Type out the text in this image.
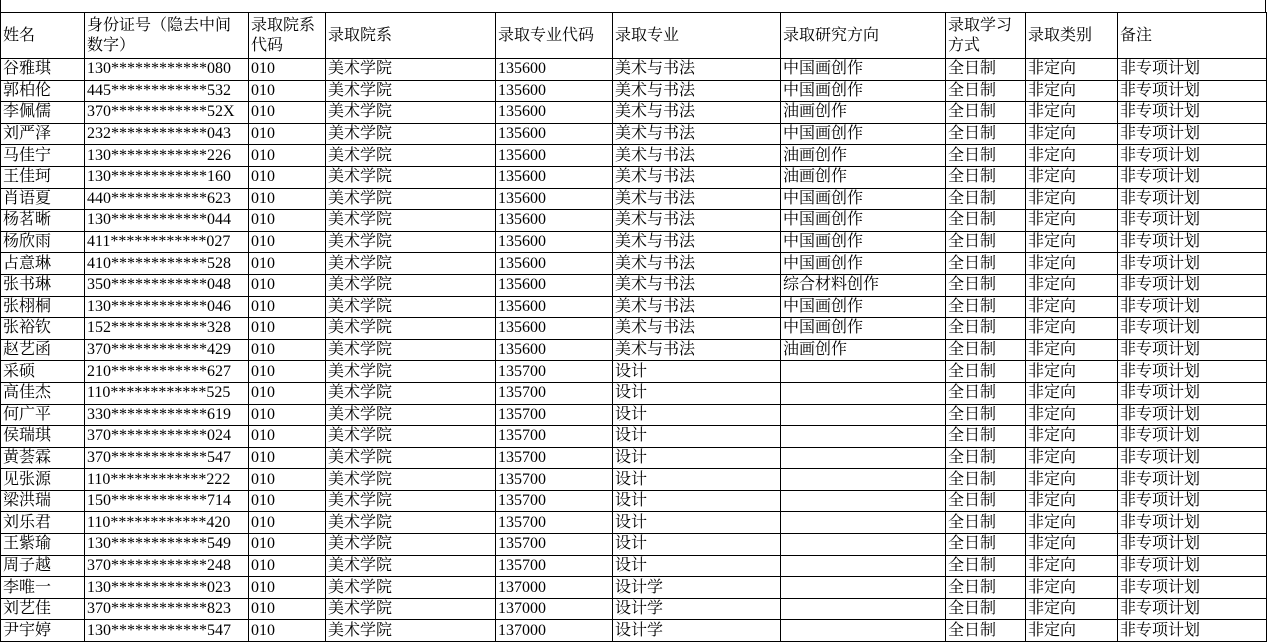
姓名	身份证号（隐去中间数字）	录取院系代码	录取院系	录取专业代码	录取专业	录取研究方向	录取学习方式	录取类别	备注
谷雅琪	130************080	010	美术学院	135600	美术与书法	中国画创作	全日制	非定向	非专项计划
郭柏伦	445************532	010	美术学院	135600	美术与书法	中国画创作	全日制	非定向	非专项计划
李佩儒	370************52X	010	美术学院	135600	美术与书法	油画创作	全日制	非定向	非专项计划
刘严泽	232************043	010	美术学院	135600	美术与书法	中国画创作	全日制	非定向	非专项计划
马佳宁	130************226	010	美术学院	135600	美术与书法	油画创作	全日制	非定向	非专项计划
王佳珂	130************160	010	美术学院	135600	美术与书法	油画创作	全日制	非定向	非专项计划
肖语夏	440************623	010	美术学院	135600	美术与书法	中国画创作	全日制	非定向	非专项计划
杨茗晰	130************044	010	美术学院	135600	美术与书法	中国画创作	全日制	非定向	非专项计划
杨欣雨	411************027	010	美术学院	135600	美术与书法	中国画创作	全日制	非定向	非专项计划
占意琳	410************528	010	美术学院	135600	美术与书法	中国画创作	全日制	非定向	非专项计划
张书琳	350************048	010	美术学院	135600	美术与书法	综合材料创作	全日制	非定向	非专项计划
张栩桐	130************046	010	美术学院	135600	美术与书法	中国画创作	全日制	非定向	非专项计划
张裕钦	152************328	010	美术学院	135600	美术与书法	中国画创作	全日制	非定向	非专项计划
赵艺函	370************429	010	美术学院	135600	美术与书法	油画创作	全日制	非定向	非专项计划
采硕	210************627	010	美术学院	135700	设计		全日制	非定向	非专项计划
高佳杰	110************525	010	美术学院	135700	设计		全日制	非定向	非专项计划
何广平	330************619	010	美术学院	135700	设计		全日制	非定向	非专项计划
侯瑞琪	370************024	010	美术学院	135700	设计		全日制	非定向	非专项计划
黄荟霖	370************547	010	美术学院	135700	设计		全日制	非定向	非专项计划
见张源	110************222	010	美术学院	135700	设计		全日制	非定向	非专项计划
梁洪瑞	150************714	010	美术学院	135700	设计		全日制	非定向	非专项计划
刘乐君	110************420	010	美术学院	135700	设计		全日制	非定向	非专项计划
王紫瑜	130************549	010	美术学院	135700	设计		全日制	非定向	非专项计划
周子越	370************248	010	美术学院	135700	设计		全日制	非定向	非专项计划
李唯一	130************023	010	美术学院	137000	设计学		全日制	非定向	非专项计划
刘艺佳	370************823	010	美术学院	137000	设计学		全日制	非定向	非专项计划
尹宇婷	130************547	010	美术学院	137000	设计学		全日制	非定向	非专项计划
